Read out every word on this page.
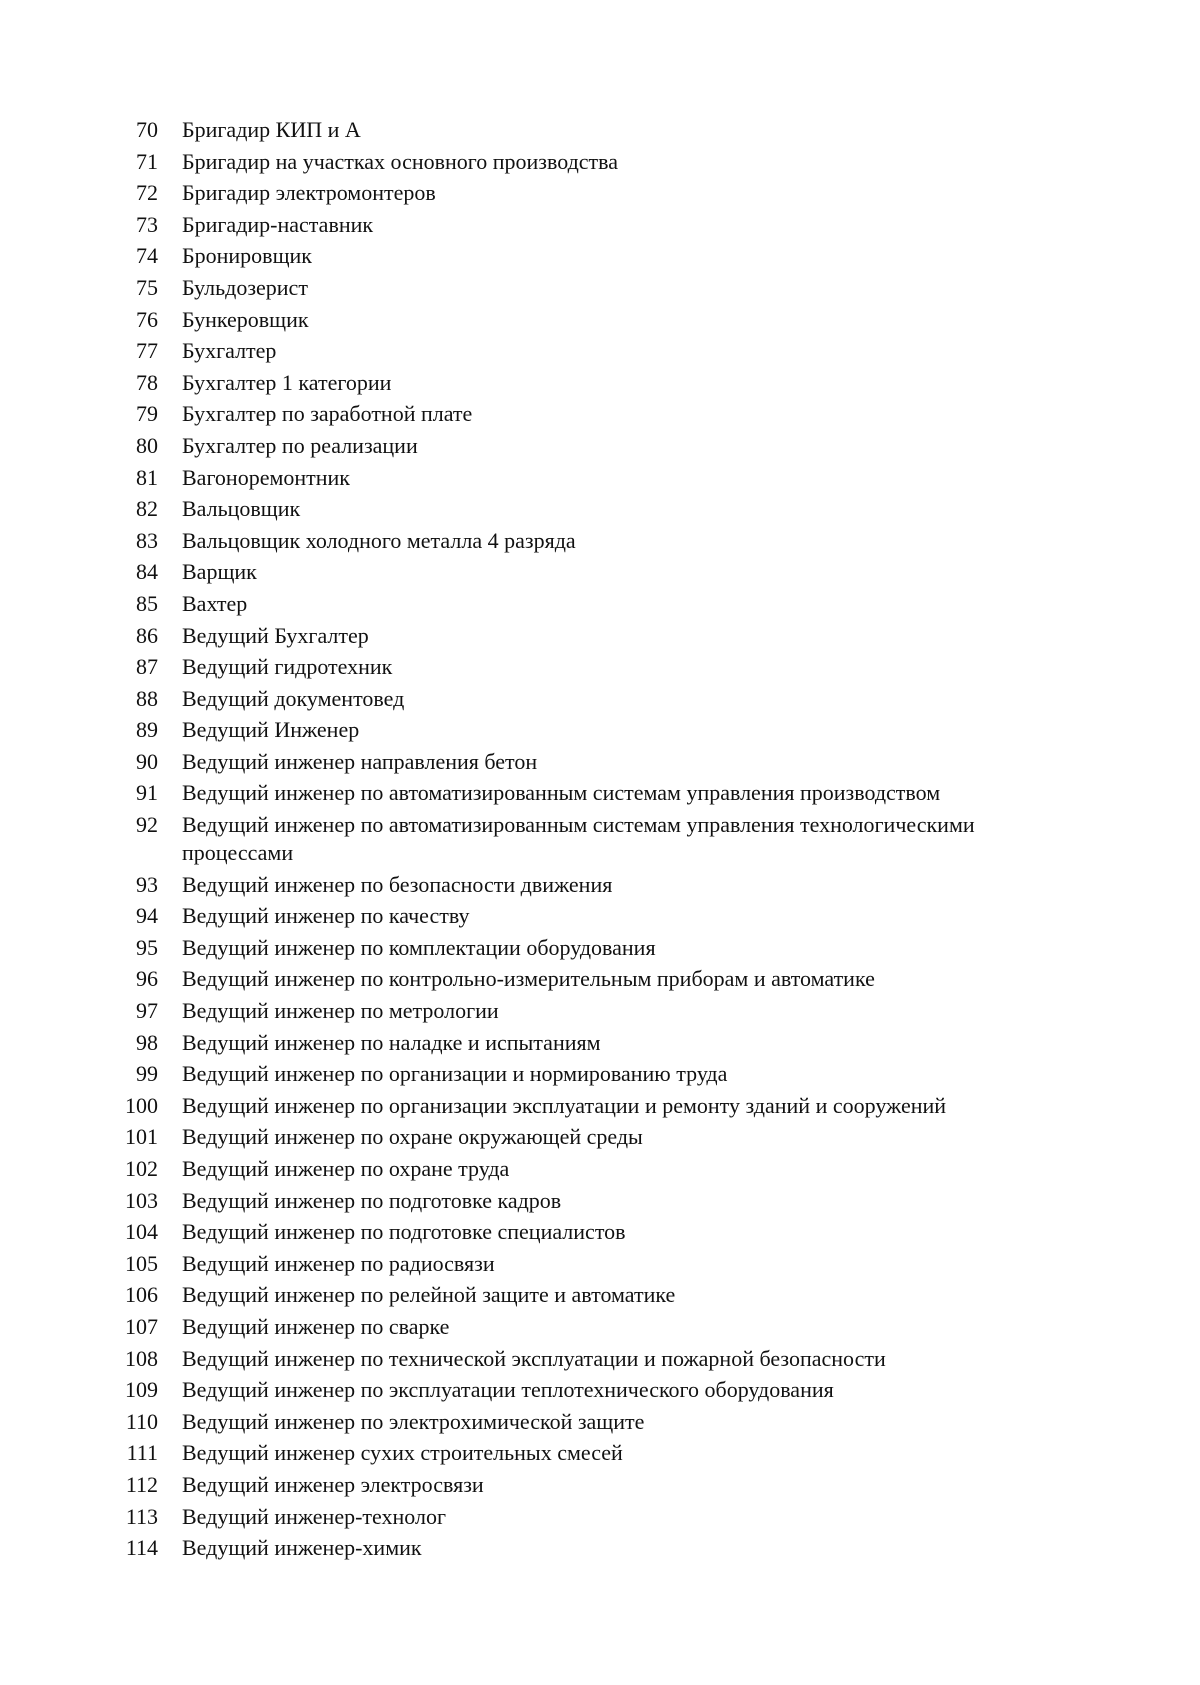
70 Бригадир КИП и А
71 Бригадир на участках основного производства
72 Бригадир электромонтеров
73 Бригадир-наставник
74 Бронировщик
75 Бульдозерист
76 Бункеровщик
77 Бухгалтер
78 Бухгалтер 1 категории
79 Бухгалтер по заработной плате
80 Бухгалтер по реализации
81 Вагоноремонтник
82 Вальцовщик
83 Вальцовщик холодного металла 4 разряда
84 Варщик
85 Вахтер
86 Ведущий Бухгалтер
87 Ведущий гидротехник
88 Ведущий документовед
89 Ведущий Инженер
90 Ведущий инженер направления бетон
91 Ведущий инженер по автоматизированным системам управления производством
92 Ведущий инженер по автоматизированным системам управления технологическими процессами
93 Ведущий инженер по безопасности движения
94 Ведущий инженер по качеству
95 Ведущий инженер по комплектации оборудования
96 Ведущий инженер по контрольно-измерительным приборам и автоматике
97 Ведущий инженер по метрологии
98 Ведущий инженер по наладке и испытаниям
99 Ведущий инженер по организации и нормированию труда
100 Ведущий инженер по организации эксплуатации и ремонту зданий и сооружений
101 Ведущий инженер по охране окружающей среды
102 Ведущий инженер по охране труда
103 Ведущий инженер по подготовке кадров
104 Ведущий инженер по подготовке специалистов
105 Ведущий инженер по радиосвязи
106 Ведущий инженер по релейной защите и автоматике
107 Ведущий инженер по сварке
108 Ведущий инженер по технической эксплуатации и пожарной безопасности
109 Ведущий инженер по эксплуатации теплотехнического оборудования
110 Ведущий инженер по электрохимической защите
111 Ведущий инженер сухих строительных смесей
112 Ведущий инженер электросвязи
113 Ведущий инженер-технолог
114 Ведущий инженер-химик
